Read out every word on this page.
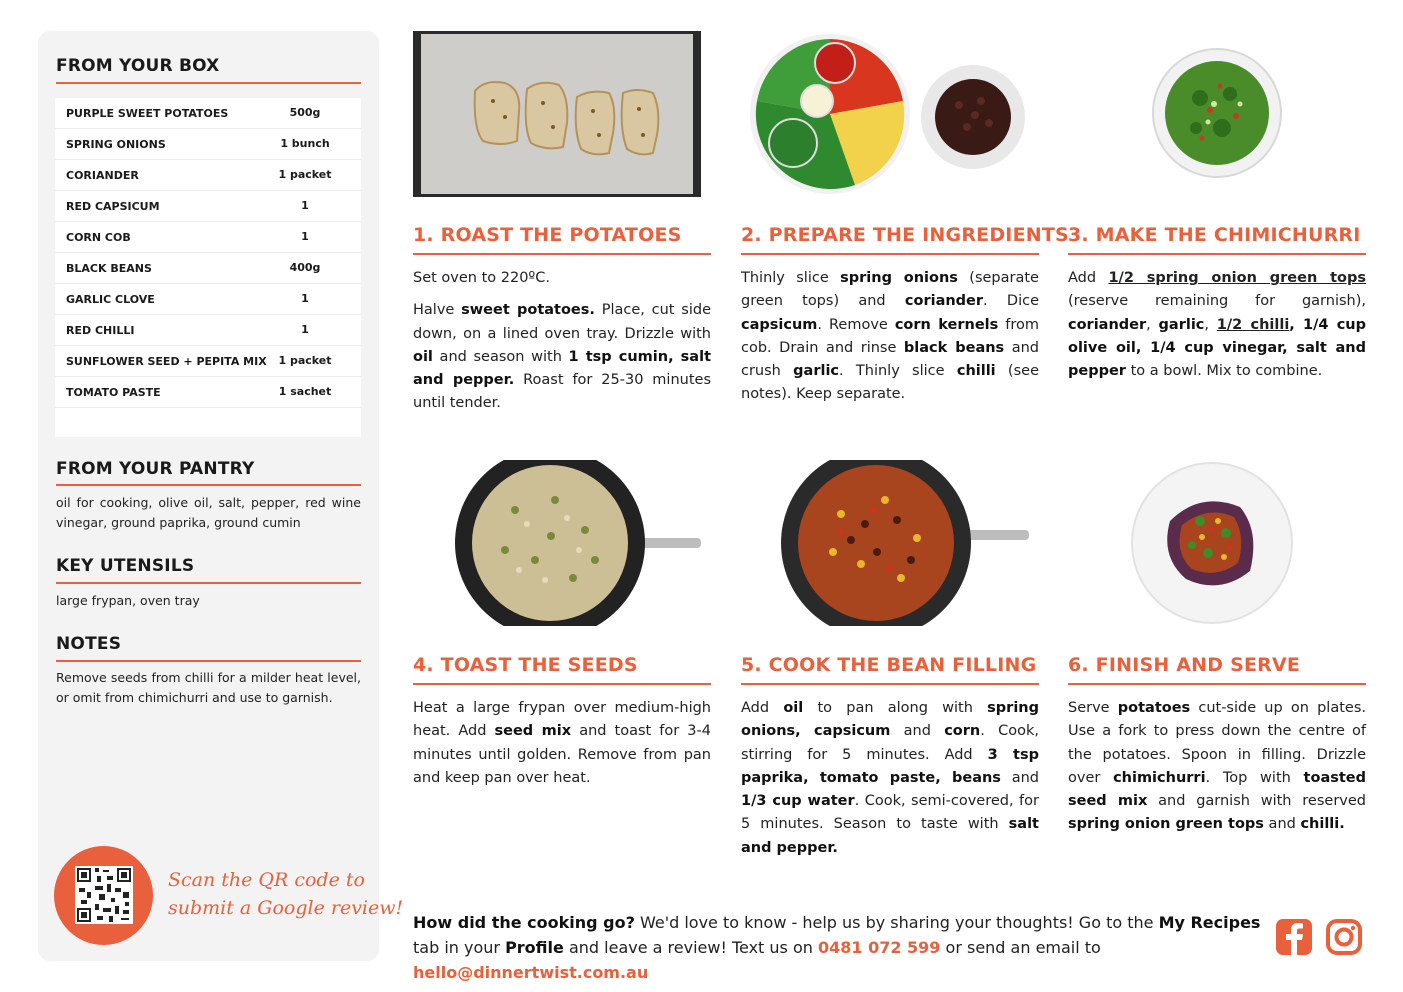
FROM YOUR BOX
PURPLE SWEET POTATOES	500g
SPRING ONIONS	1 bunch
CORIANDER	1 packet
RED CAPSICUM	1
CORN COB	1
BLACK BEANS	400g
GARLIC CLOVE	1
RED CHILLI	1
SUNFLOWER SEED + PEPITA MIX	1 packet
TOMATO PASTE	1 sachet
FROM YOUR PANTRY
oil for cooking, olive oil, salt, pepper, red wine vinegar, ground paprika, ground cumin
KEY UTENSILS
large frypan, oven tray
NOTES
Remove seeds from chilli for a milder heat level, or omit from chimichurri and use to garnish.
Scan the QR code to
submit a Google review!
1. ROAST THE POTATOES	2. PREPARE THE INGREDIENTS 3. MAKE THE CHIMICHURRI
4. TOAST THE SEEDS	5. COOK THE BEAN FILLING 6. FINISH AND SERVE

Set oven to 220ºC.

Halve sweet potatoes. Place, cut side down, on a lined oven tray. Drizzle with oil and season with 1 tsp cumin, salt and pepper. Roast for 25-30 minutes until tender.

Thinly slice spring onions (separate green tops) and coriander. Dice capsicum. Remove corn kernels from cob. Drain and rinse black beans and crush garlic. Thinly slice chilli (see notes). Keep separate.

Add 1/2 spring onion green tops (reserve remaining for garnish), coriander, garlic, 1/2 chilli, 1/4 cup olive oil, 1/4 cup vinegar, salt and pepper to a bowl. Mix to combine.

Heat a large frypan over medium-high heat. Add seed mix and toast for 3-4 minutes until golden. Remove from pan and keep pan over heat.

Add oil to pan along with spring onions, capsicum and corn. Cook, stirring for 5 minutes. Add 3 tsp paprika, tomato paste, beans and 1/3 cup water. Cook, semi-covered, for 5 minutes. Season to taste with salt and pepper.

Serve potatoes cut-side up on plates. Use a fork to press down the centre of the potatoes. Spoon in filling. Drizzle over chimichurri. Top with toasted seed mix and garnish with reserved spring onion green tops and chilli.

How did the cooking go? We'd love to know - help us by sharing your thoughts! Go to the My Recipes tab in your Profile and leave a review! Text us on 0481 072 599 or send an email to hello@dinnertwist.com.au
